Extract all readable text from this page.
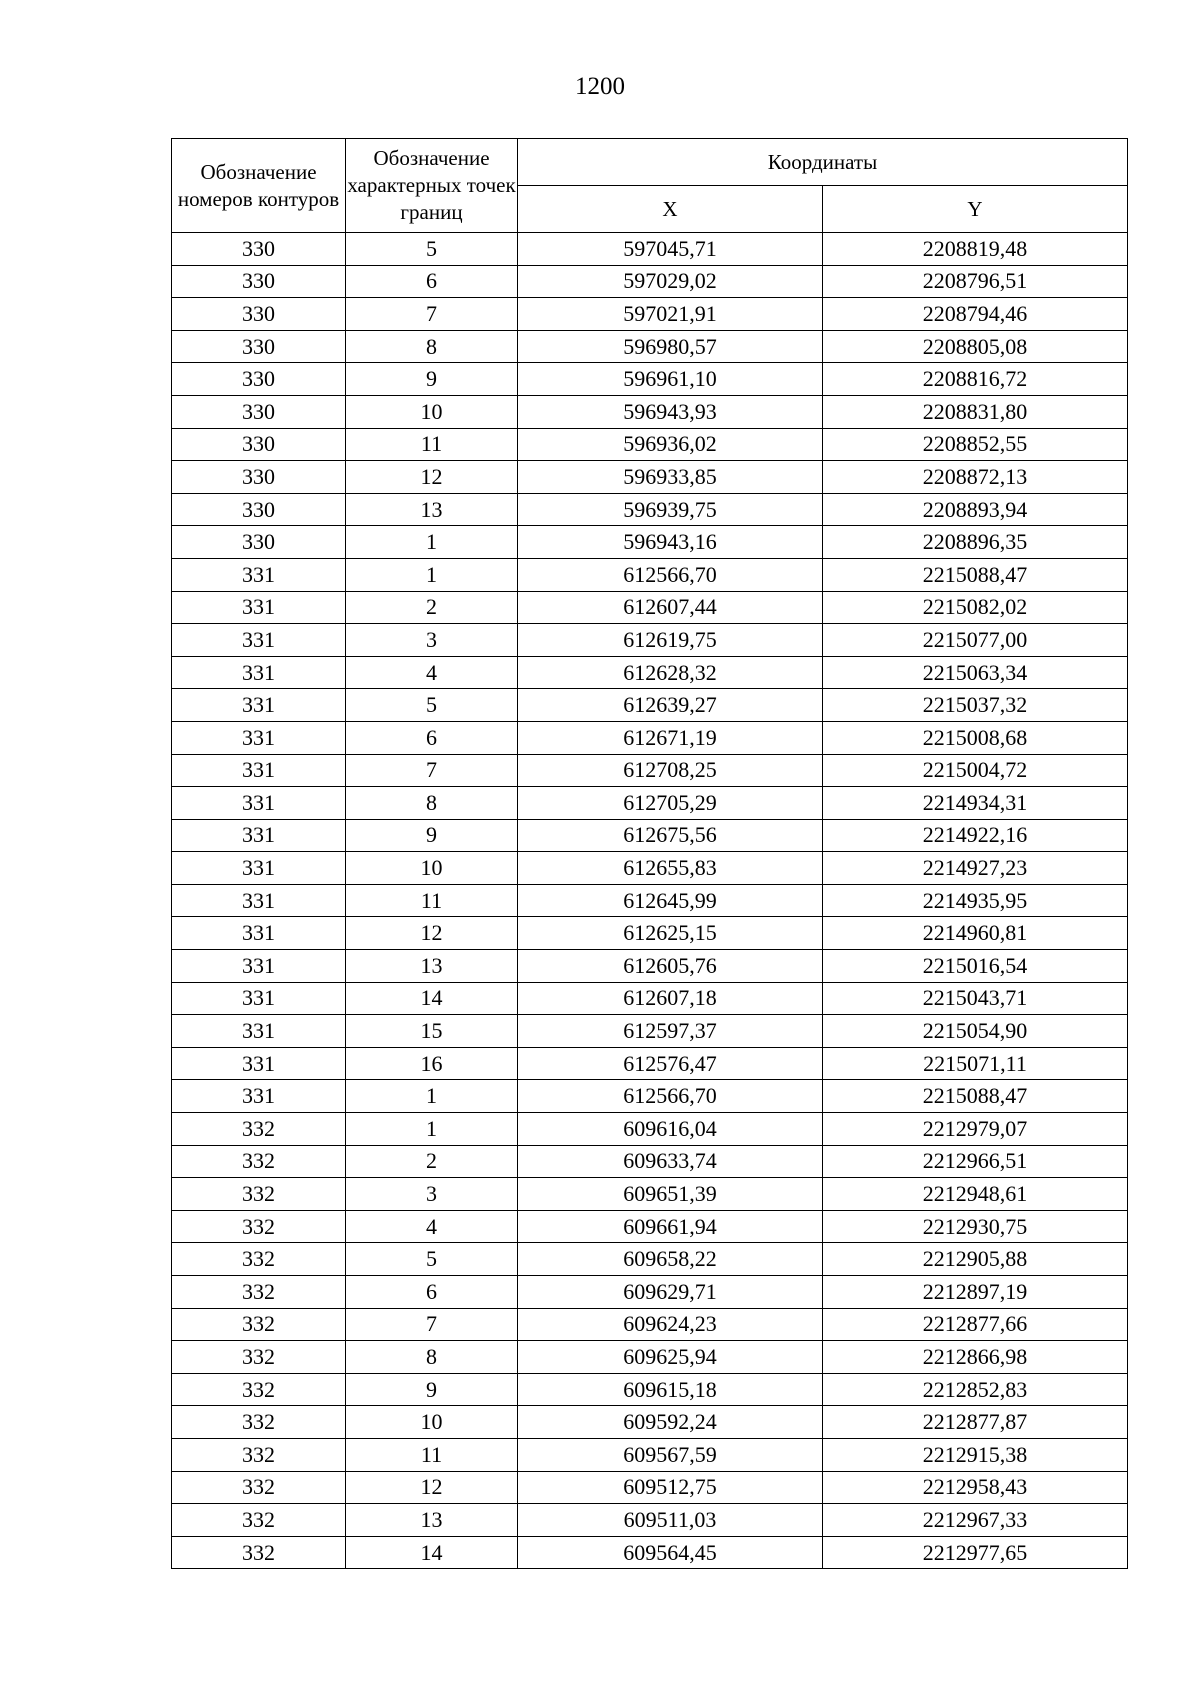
1200
Обозначение номеров контуров	Обозначение характерных точек границ	Координаты	
		X	Y
330	5	597045,71	2208819,48
330	6	597029,02	2208796,51
330	7	597021,91	2208794,46
330	8	596980,57	2208805,08
330	9	596961,10	2208816,72
330	10	596943,93	2208831,80
330	11	596936,02	2208852,55
330	12	596933,85	2208872,13
330	13	596939,75	2208893,94
330	1	596943,16	2208896,35
331	1	612566,70	2215088,47
331	2	612607,44	2215082,02
331	3	612619,75	2215077,00
331	4	612628,32	2215063,34
331	5	612639,27	2215037,32
331	6	612671,19	2215008,68
331	7	612708,25	2215004,72
331	8	612705,29	2214934,31
331	9	612675,56	2214922,16
331	10	612655,83	2214927,23
331	11	612645,99	2214935,95
331	12	612625,15	2214960,81
331	13	612605,76	2215016,54
331	14	612607,18	2215043,71
331	15	612597,37	2215054,90
331	16	612576,47	2215071,11
331	1	612566,70	2215088,47
332	1	609616,04	2212979,07
332	2	609633,74	2212966,51
332	3	609651,39	2212948,61
332	4	609661,94	2212930,75
332	5	609658,22	2212905,88
332	6	609629,71	2212897,19
332	7	609624,23	2212877,66
332	8	609625,94	2212866,98
332	9	609615,18	2212852,83
332	10	609592,24	2212877,87
332	11	609567,59	2212915,38
332	12	609512,75	2212958,43
332	13	609511,03	2212967,33
332	14	609564,45	2212977,65
